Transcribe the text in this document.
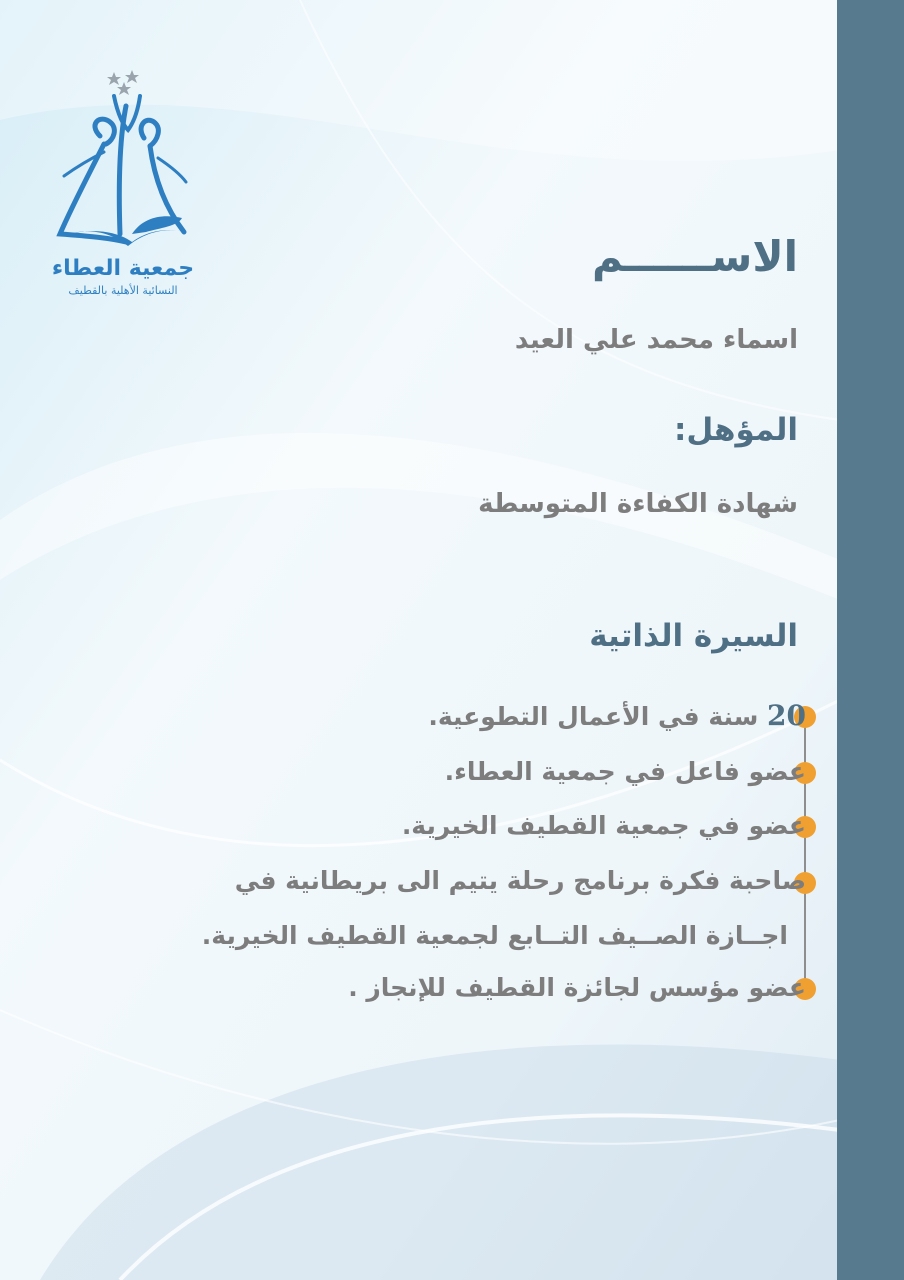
جمعية العطاء
النسائية الأهلية بالقطيف
الاســــــم

اسماء محمد علي العيد

المؤهل:

شهادة الكفاءة المتوسطة

السيرة الذاتية
20 سنة في الأعمال التطوعية.
عضو فاعل في جمعية العطاء.
عضو في جمعية القطيف الخيرية.
صاحبة فكرة برنامج رحلة يتيم الى بريطانية في
اجــازة الصــيف التــابع لجمعية القطيف الخيرية.
عضو مؤسس لجائزة القطيف للإنجاز .
